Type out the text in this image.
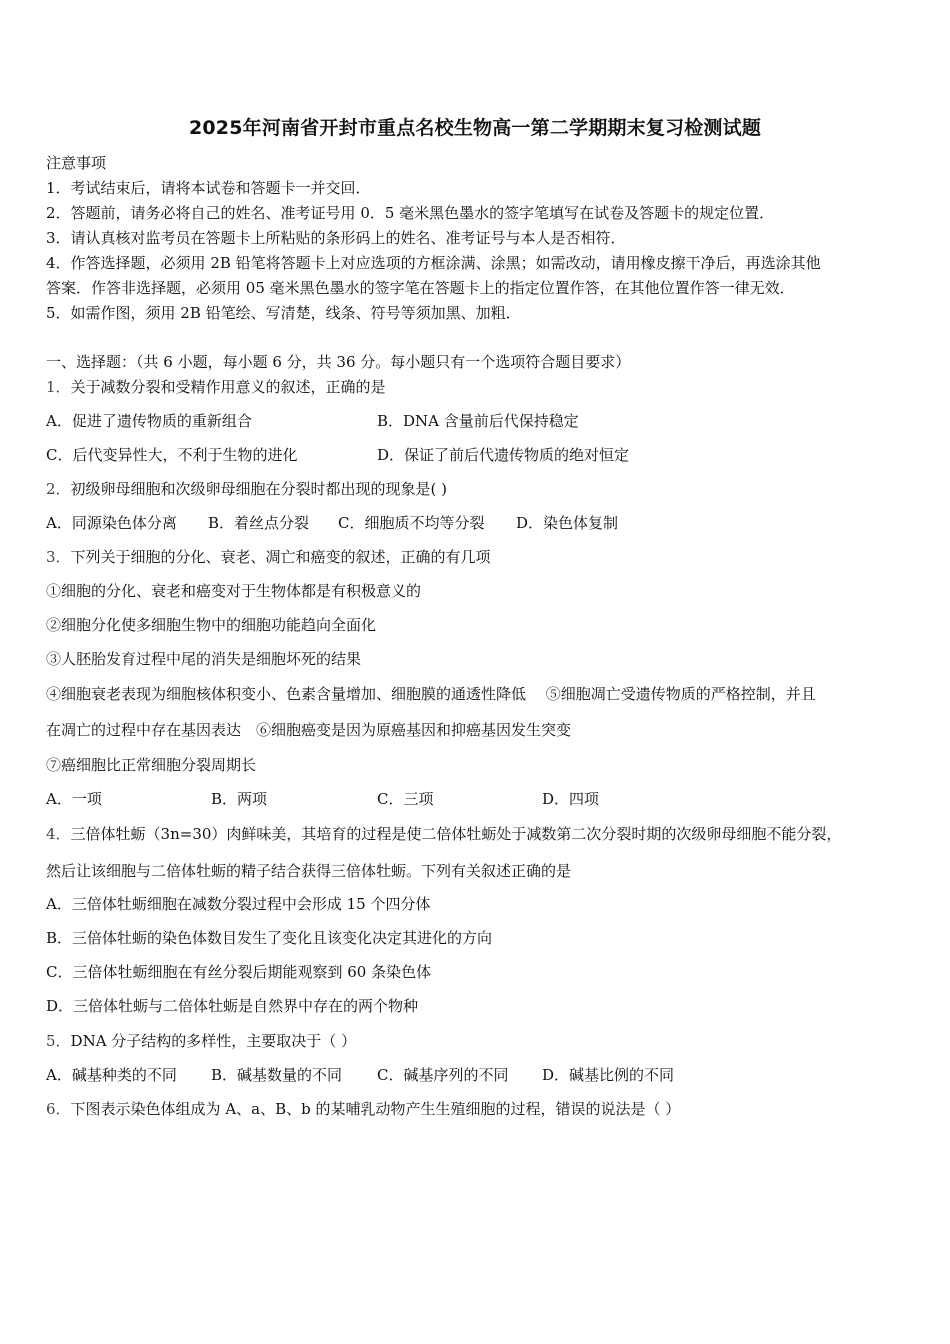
2025年河南省开封市重点名校生物高一第二学期期末复习检测试题
注意事项
1．考试结束后，请将本试卷和答题卡一并交回．
2．答题前，请务必将自己的姓名、准考证号用 0．5 毫米黑色墨水的签字笔填写在试卷及答题卡的规定位置．
3．请认真核对监考员在答题卡上所粘贴的条形码上的姓名、准考证号与本人是否相符．
4．作答选择题，必须用 2B 铅笔将答题卡上对应选项的方框涂满、涂黑；如需改动，请用橡皮擦干净后，再选涂其他
答案．作答非选择题，必须用 05 毫米黑色墨水的签字笔在答题卡上的指定位置作答，在其他位置作答一律无效．
5．如需作图，须用 2B 铅笔绘、写清楚，线条、符号等须加黑、加粗．
一、选择题：（共 6 小题，每小题 6 分，共 36 分。每小题只有一个选项符合题目要求）
1．关于减数分裂和受精作用意义的叙述，正确的是
A．促进了遗传物质的重新组合	B．DNA 含量前后代保持稳定
C．后代变异性大，不利于生物的进化	D．保证了前后代遗传物质的绝对恒定
2．初级卵母细胞和次级卵母细胞在分裂时都出现的现象是( )
A．同源染色体分离 B．着丝点分裂 C．细胞质不均等分裂 D．染色体复制
3．下列关于细胞的分化、衰老、凋亡和癌变的叙述，正确的有几项
①细胞的分化、衰老和癌变对于生物体都是有积极意义的
②细胞分化使多细胞生物中的细胞功能趋向全面化
③人胚胎发育过程中尾的消失是细胞坏死的结果
④细胞衰老表现为细胞核体积变小、色素含量增加、细胞膜的通透性降低　 ⑤细胞凋亡受遗传物质的严格控制，并且
在凋亡的过程中存在基因表达　⑥细胞癌变是因为原癌基因和抑癌基因发生突变
⑦癌细胞比正常细胞分裂周期长
A．一项	B．两项	C．三项	D．四项
4．三倍体牡蛎（3n=30）肉鲜味美，其培育的过程是使二倍体牡蛎处于减数第二次分裂时期的次级卵母细胞不能分裂，
然后让该细胞与二倍体牡蛎的精子结合获得三倍体牡蛎。下列有关叙述正确的是
A．三倍体牡蛎细胞在减数分裂过程中会形成 15 个四分体
B．三倍体牡蛎的染色体数目发生了变化且该变化决定其进化的方向
C．三倍体牡蛎细胞在有丝分裂后期能观察到 60 条染色体
D．三倍体牡蛎与二倍体牡蛎是自然界中存在的两个物种
5．DNA 分子结构的多样性，主要取决于（ ）
A．碱基种类的不同 B．碱基数量的不同 C．碱基序列的不同 D．碱基比例的不同
6．下图表示染色体组成为 A、a、B、b 的某哺乳动物产生生殖细胞的过程，错误的说法是（ ）
